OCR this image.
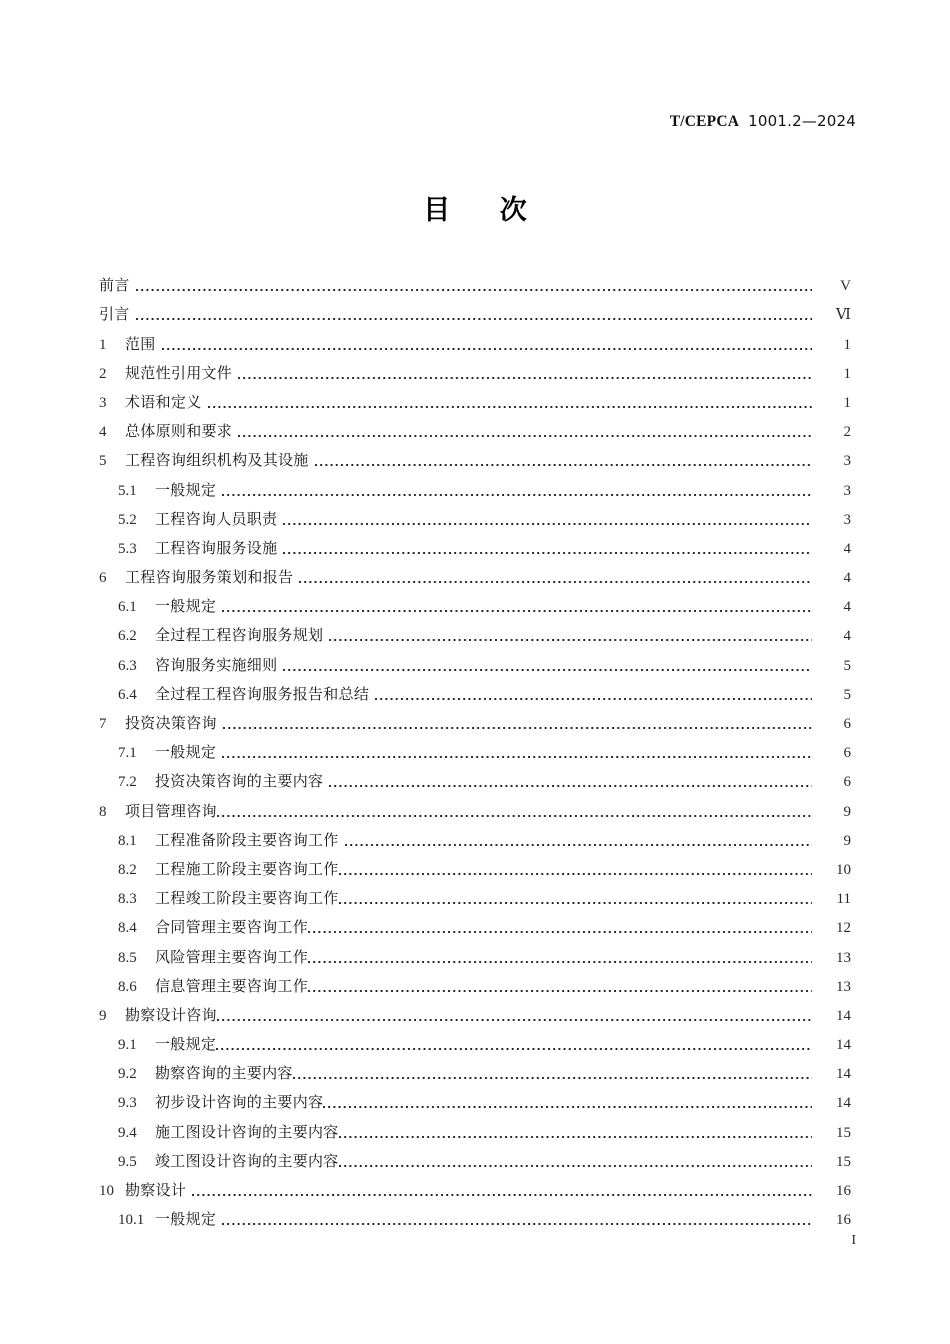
T/CEPCA 1001.2—2024
目 次
前言	V
引言	Ⅵ
1	范围	1
2	规范性引用文件	1
3	术语和定义	1
4	总体原则和要求	2
5	工程咨询组织机构及其设施	3
5.1	一般规定	3
5.2	工程咨询人员职责	3
5.3	工程咨询服务设施	4
6	工程咨询服务策划和报告	4
6.1	一般规定	4
6.2	全过程工程咨询服务规划	4
6.3	咨询服务实施细则	5
6.4	全过程工程咨询服务报告和总结	5
7	投资决策咨询	6
7.1	一般规定	6
7.2	投资决策咨询的主要内容	6
8	项目管理咨询	9
8.1	工程准备阶段主要咨询工作	9
8.2	工程施工阶段主要咨询工作	10
8.3	工程竣工阶段主要咨询工作	11
8.4	合同管理主要咨询工作	12
8.5	风险管理主要咨询工作	13
8.6	信息管理主要咨询工作	13
9	勘察设计咨询	14
9.1	一般规定	14
9.2	勘察咨询的主要内容	14
9.3	初步设计咨询的主要内容	14
9.4	施工图设计咨询的主要内容	15
9.5	竣工图设计咨询的主要内容	15
10 勘察设计	16
10.1 一般规定	16
I
